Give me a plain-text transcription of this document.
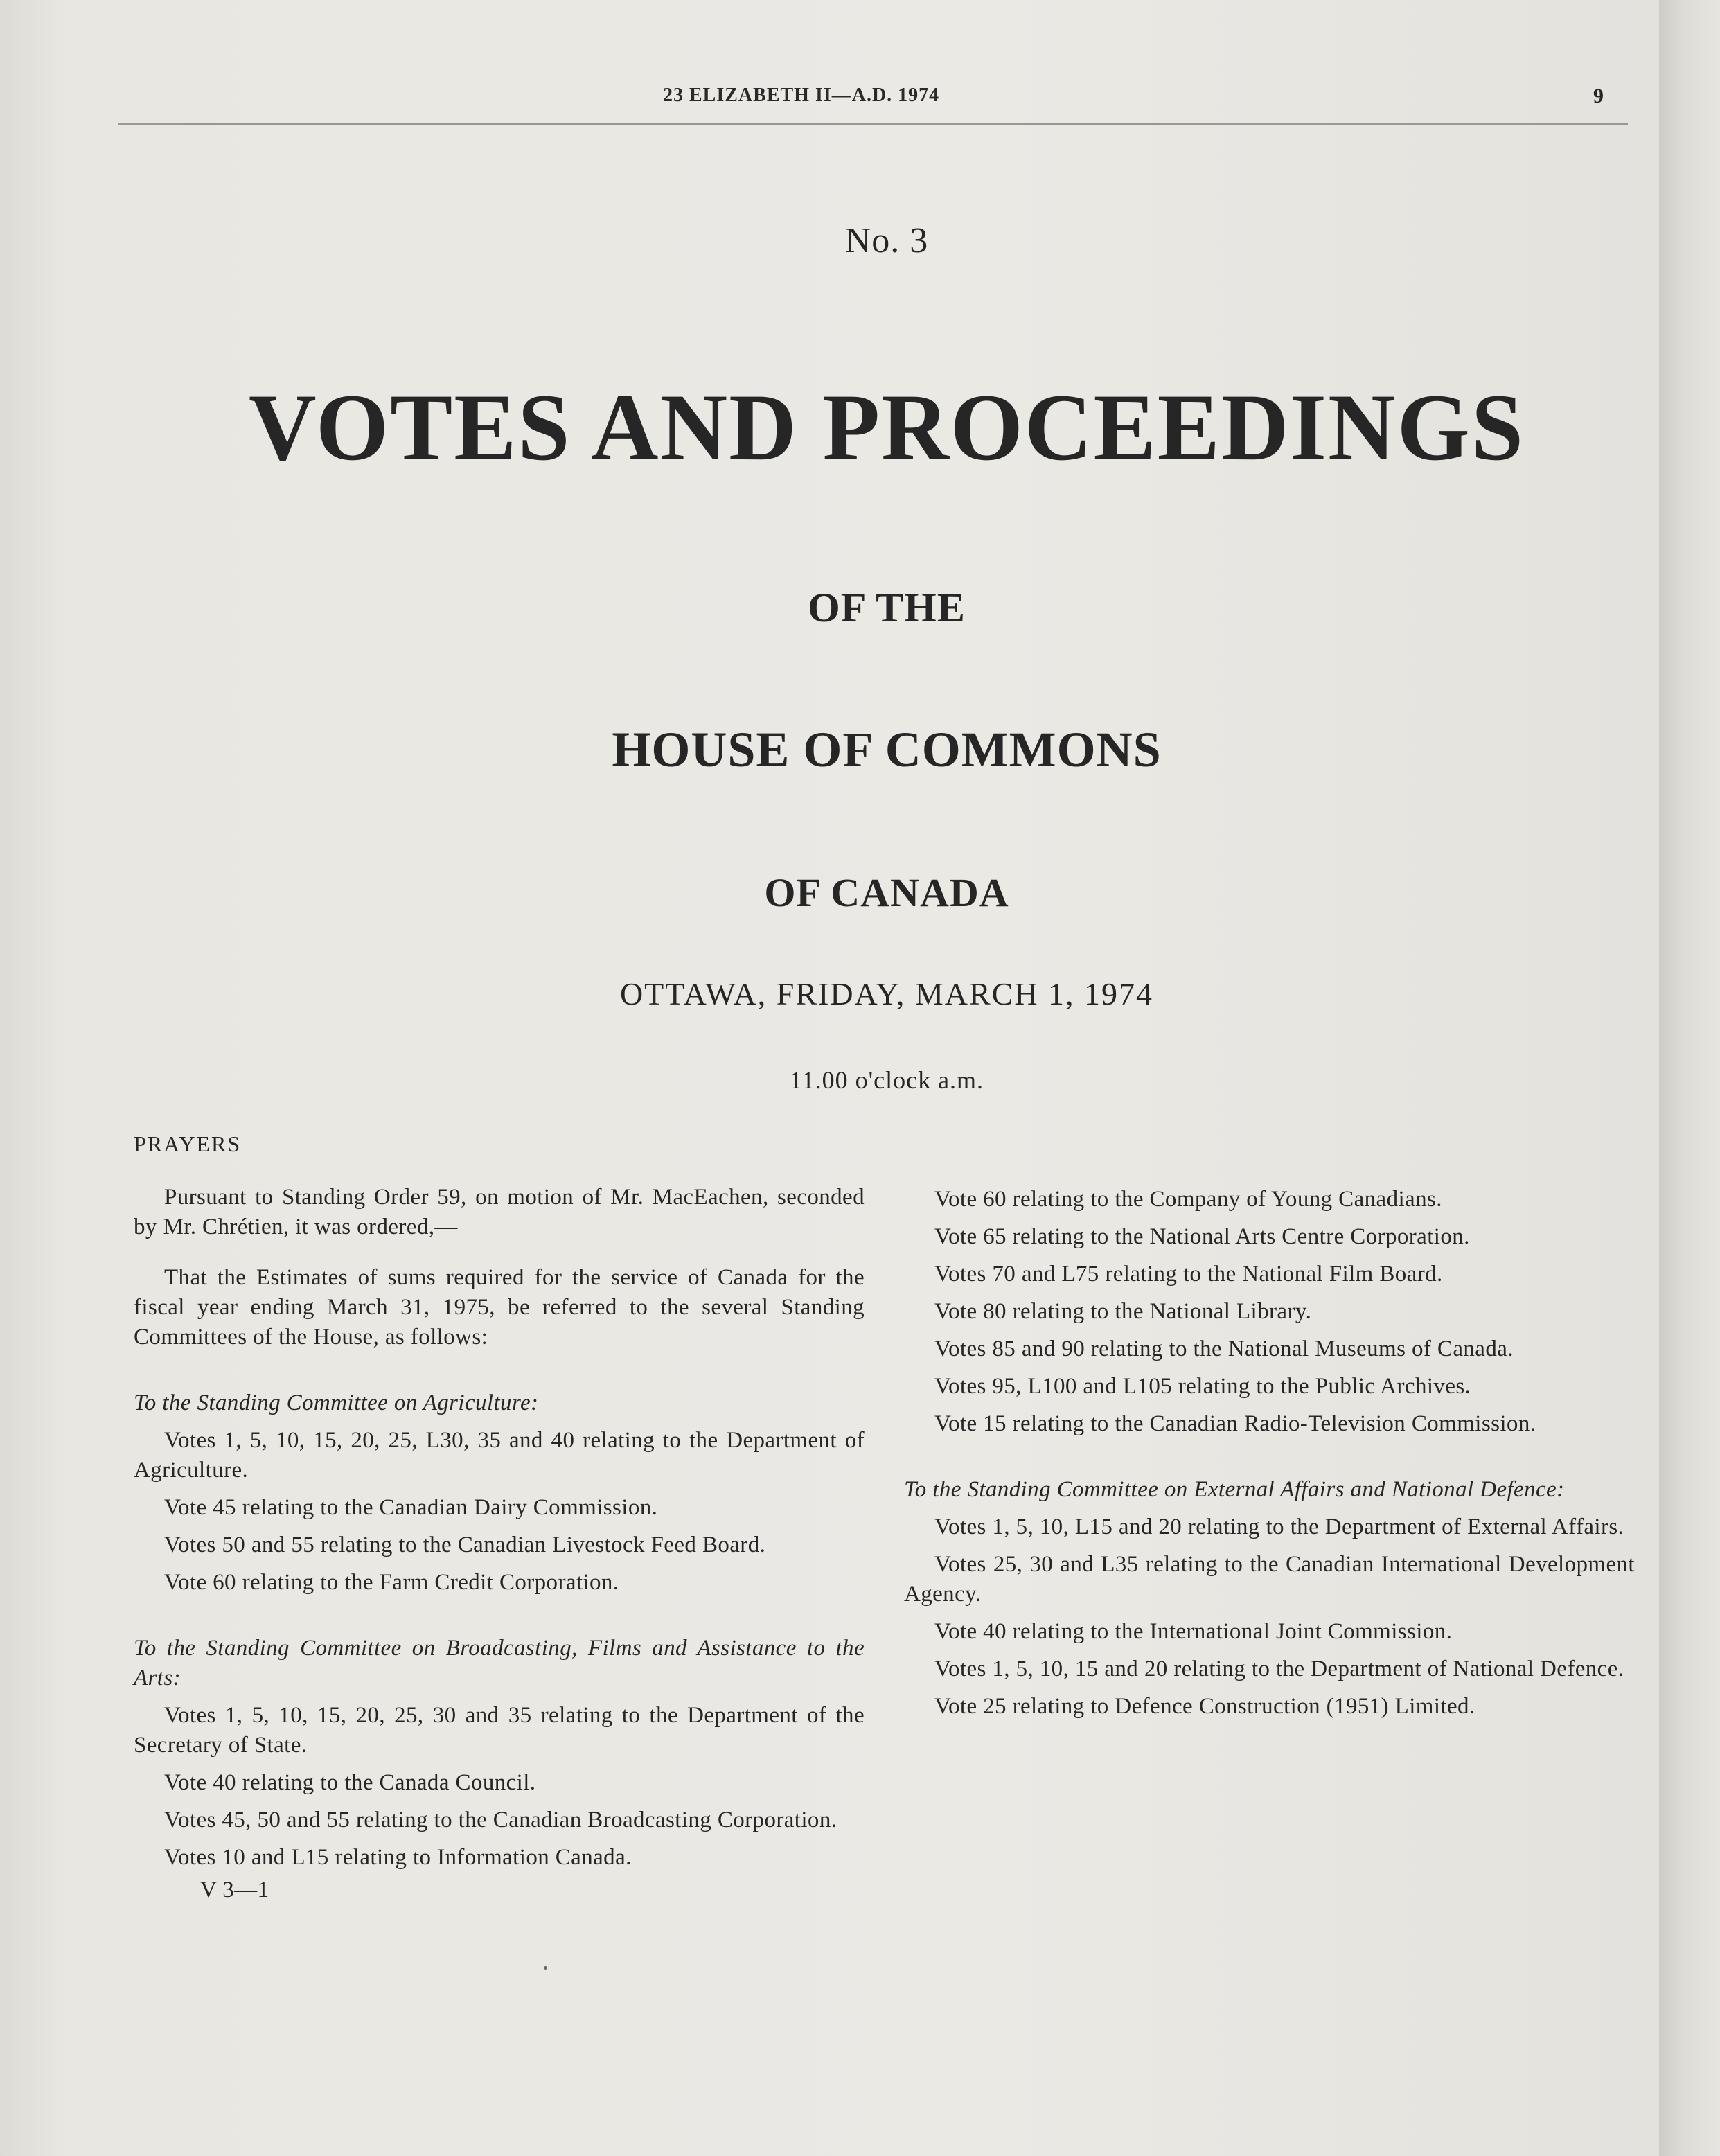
23 ELIZABETH II—A.D. 1974	9
No. 3
VOTES AND PROCEEDINGS
OF THE
HOUSE OF COMMONS
OF CANADA
OTTAWA, FRIDAY, MARCH 1, 1974
11.00 o'clock a.m.

PRAYERS

Pursuant to Standing Order 59, on motion of Mr. MacEachen, seconded by Mr. Chrétien, it was ordered,—

That the Estimates of sums required for the service of Canada for the fiscal year ending March 31, 1975, be referred to the several Standing Committees of the House, as follows:

To the Standing Committee on Agriculture:

Votes 1, 5, 10, 15, 20, 25, L30, 35 and 40 relating to the Department of Agriculture.

Vote 45 relating to the Canadian Dairy Commission.

Votes 50 and 55 relating to the Canadian Livestock Feed Board.

Vote 60 relating to the Farm Credit Corporation.

To the Standing Committee on Broadcasting, Films and Assistance to the Arts:

Votes 1, 5, 10, 15, 20, 25, 30 and 35 relating to the Department of the Secretary of State.

Vote 40 relating to the Canada Council.

Votes 45, 50 and 55 relating to the Canadian Broadcasting Corporation.

Votes 10 and L15 relating to Information Canada.

V 3—1

Vote 60 relating to the Company of Young Canadians.

Vote 65 relating to the National Arts Centre Corporation.

Votes 70 and L75 relating to the National Film Board.

Vote 80 relating to the National Library.

Votes 85 and 90 relating to the National Museums of Canada.

Votes 95, L100 and L105 relating to the Public Archives.

Vote 15 relating to the Canadian Radio-Television Commission.

To the Standing Committee on External Affairs and National Defence:

Votes 1, 5, 10, L15 and 20 relating to the Department of External Affairs.

Votes 25, 30 and L35 relating to the Canadian International Development Agency.

Vote 40 relating to the International Joint Commission.

Votes 1, 5, 10, 15 and 20 relating to the Department of National Defence.

Vote 25 relating to Defence Construction (1951) Limited.
